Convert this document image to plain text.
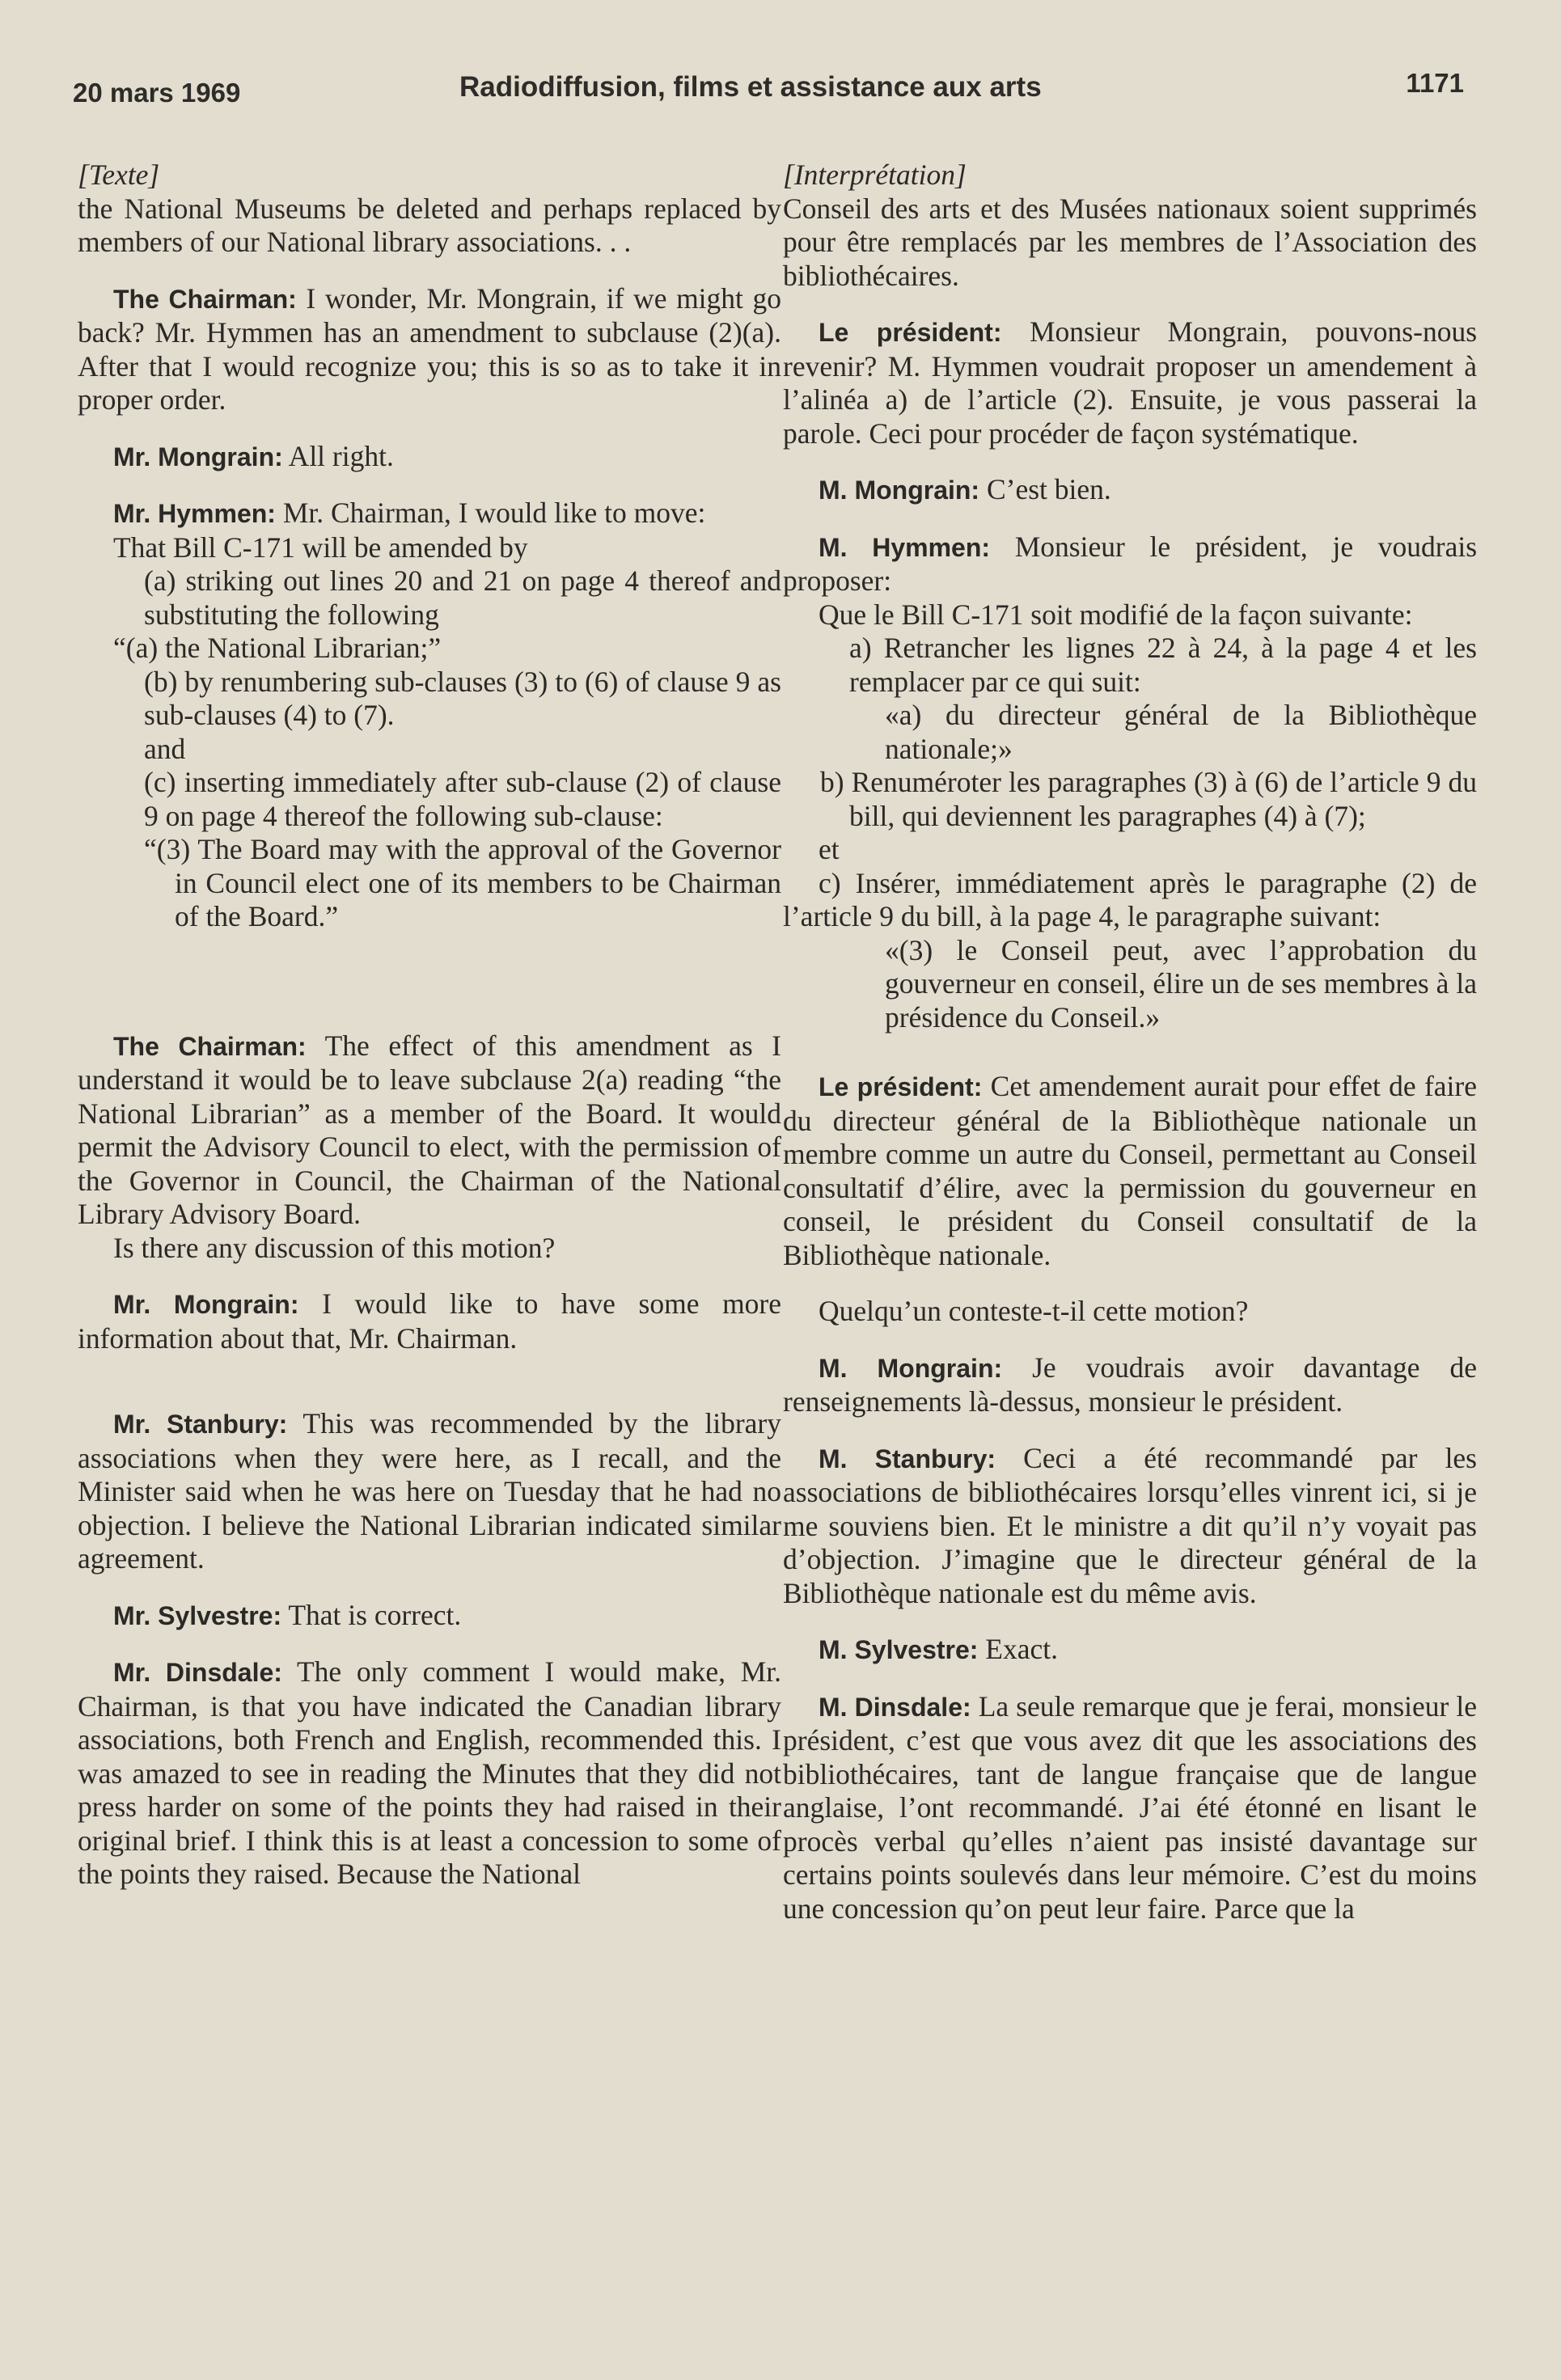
20 mars 1969	Radiodiffusion, films et assistance aux arts	1171

[Texte]

the National Museums be deleted and perhaps replaced by members of our National library associations. . .

The Chairman: I wonder, Mr. Mongrain, if we might go back? Mr. Hymmen has an amendment to subclause (2)(a). After that I would recognize you; this is so as to take it in proper order.

Mr. Mongrain: All right.

Mr. Hymmen: Mr. Chairman, I would like to move:

That Bill C-171 will be amended by

(a) striking out lines 20 and 21 on page 4 thereof and substituting the following

“(a) the National Librarian;”

(b) by renumbering sub-clauses (3) to (6) of clause 9 as sub-clauses (4) to (7).

and

(c) inserting immediately after sub-clause (2) of clause 9 on page 4 thereof the following sub-clause:

“(3) The Board may with the approval of the Governor in Council elect one of its members to be Chairman of the Board.”

The Chairman: The effect of this amendment as I understand it would be to leave subclause 2(a) reading “the National Librarian” as a member of the Board. It would permit the Advisory Council to elect, with the permission of the Governor in Council, the Chairman of the National Library Advisory Board.

Is there any discussion of this motion?

Mr. Mongrain: I would like to have some more information about that, Mr. Chairman.

Mr. Stanbury: This was recommended by the library associations when they were here, as I recall, and the Minister said when he was here on Tuesday that he had no objection. I believe the National Librarian indicated similar agreement.

Mr. Sylvestre: That is correct.

Mr. Dinsdale: The only comment I would make, Mr. Chairman, is that you have indicated the Canadian library associations, both French and English, recommended this. I was amazed to see in reading the Minutes that they did not press harder on some of the points they had raised in their original brief. I think this is at least a concession to some of the points they raised. Because the National

[Interprétation]

Conseil des arts et des Musées nationaux soient supprimés pour être remplacés par les membres de l’Association des bibliothécaires.

Le président: Monsieur Mongrain, pouvons-nous revenir? M. Hymmen voudrait proposer un amendement à l’alinéa a) de l’article (2). Ensuite, je vous passerai la parole. Ceci pour procéder de façon systématique.

M. Mongrain: C’est bien.

M. Hymmen: Monsieur le président, je voudrais proposer:

Que le Bill C-171 soit modifié de la façon suivante:

a) Retrancher les lignes 22 à 24, à la page 4 et les remplacer par ce qui suit:

«a) du directeur général de la Bibliothèque nationale;»

b) Renuméroter les paragraphes (3) à (6) de l’article 9 du bill, qui deviennent les paragraphes (4) à (7);

et

c) Insérer, immédiatement après le paragraphe (2) de l’article 9 du bill, à la page 4, le paragraphe suivant:

«(3) le Conseil peut, avec l’approbation du gouverneur en conseil, élire un de ses membres à la présidence du Conseil.»

Le président: Cet amendement aurait pour effet de faire du directeur général de la Bibliothèque nationale un membre comme un autre du Conseil, permettant au Conseil consultatif d’élire, avec la permission du gouverneur en conseil, le président du Conseil consultatif de la Bibliothèque nationale.

Quelqu’un conteste-t-il cette motion?

M. Mongrain: Je voudrais avoir davantage de renseignements là-dessus, monsieur le président.

M. Stanbury: Ceci a été recommandé par les associations de bibliothécaires lorsqu’elles vinrent ici, si je me souviens bien. Et le ministre a dit qu’il n’y voyait pas d’objection. J’imagine que le directeur général de la Bibliothèque nationale est du même avis.

M. Sylvestre: Exact.

M. Dinsdale: La seule remarque que je ferai, monsieur le président, c’est que vous avez dit que les associations des bibliothécaires, tant de langue française que de langue anglaise, l’ont recommandé. J’ai été étonné en lisant le procès verbal qu’elles n’aient pas insisté davantage sur certains points soulevés dans leur mémoire. C’est du moins une concession qu’on peut leur faire. Parce que la
